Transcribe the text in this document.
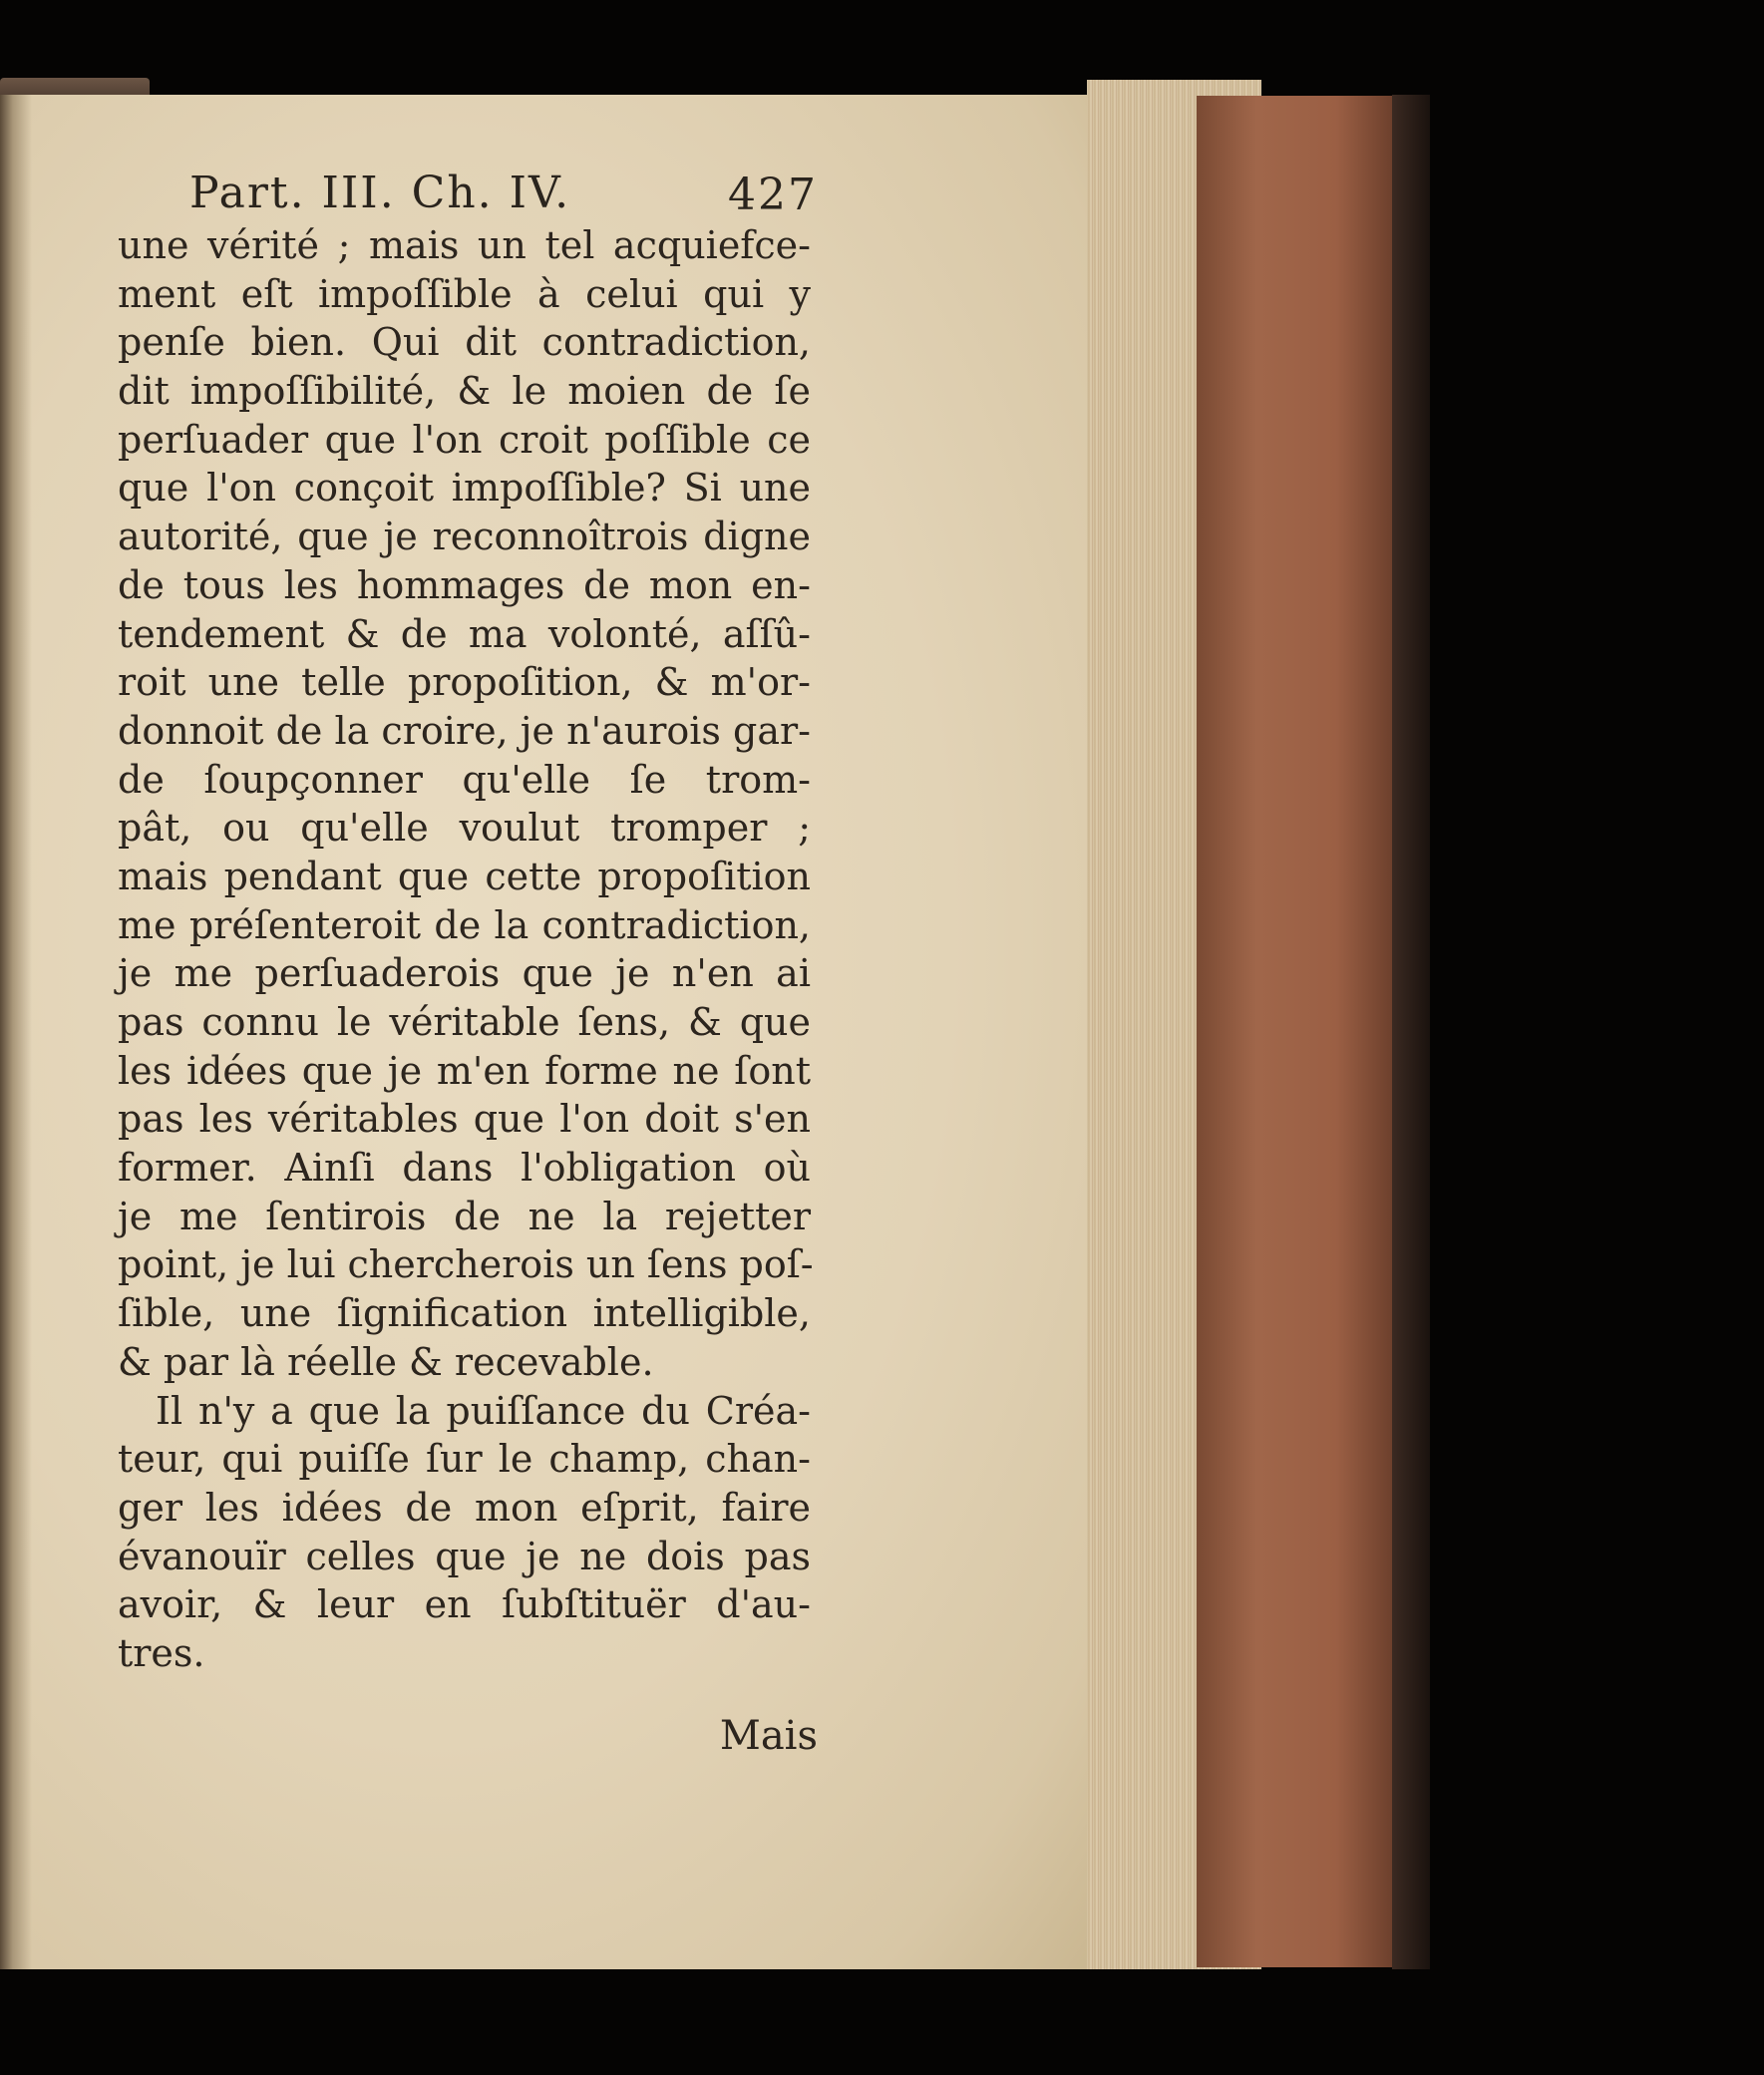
Part. III. Ch. IV.	427
une vérité ; mais un tel acquiefce-
ment eſt impoſſible à celui qui y
penſe bien. Qui dit contradiction,
dit impoſſibilité, & le moien de ſe
perſuader que l'on croit poſſible ce
que l'on conçoit impoſſible? Si une
autorité, que je reconnoîtrois digne
de tous les hommages de mon en-
tendement & de ma volonté, aſſû-
roit une telle propoſition, & m'or-
donnoit de la croire, je n'aurois gar-
de ſoupçonner qu'elle ſe trom-
pât, ou qu'elle voulut tromper ;
mais pendant que cette propoſition
me préſenteroit de la contradiction,
je me perſuaderois que je n'en ai
pas connu le véritable ſens, & que
les idées que je m'en forme ne ſont
pas les véritables que l'on doit s'en
former. Ainſi dans l'obligation où
je me ſentirois de ne la rejetter
point, je lui chercherois un ſens poſ-
ſible, une ſignification intelligible,
& par là réelle & recevable.
Il n'y a que la puiſſance du Créa-
teur, qui puiſſe ſur le champ, chan-
ger les idées de mon eſprit, faire
évanouïr celles que je ne dois pas
avoir, & leur en ſubſtituër d'au-
tres.
Mais
